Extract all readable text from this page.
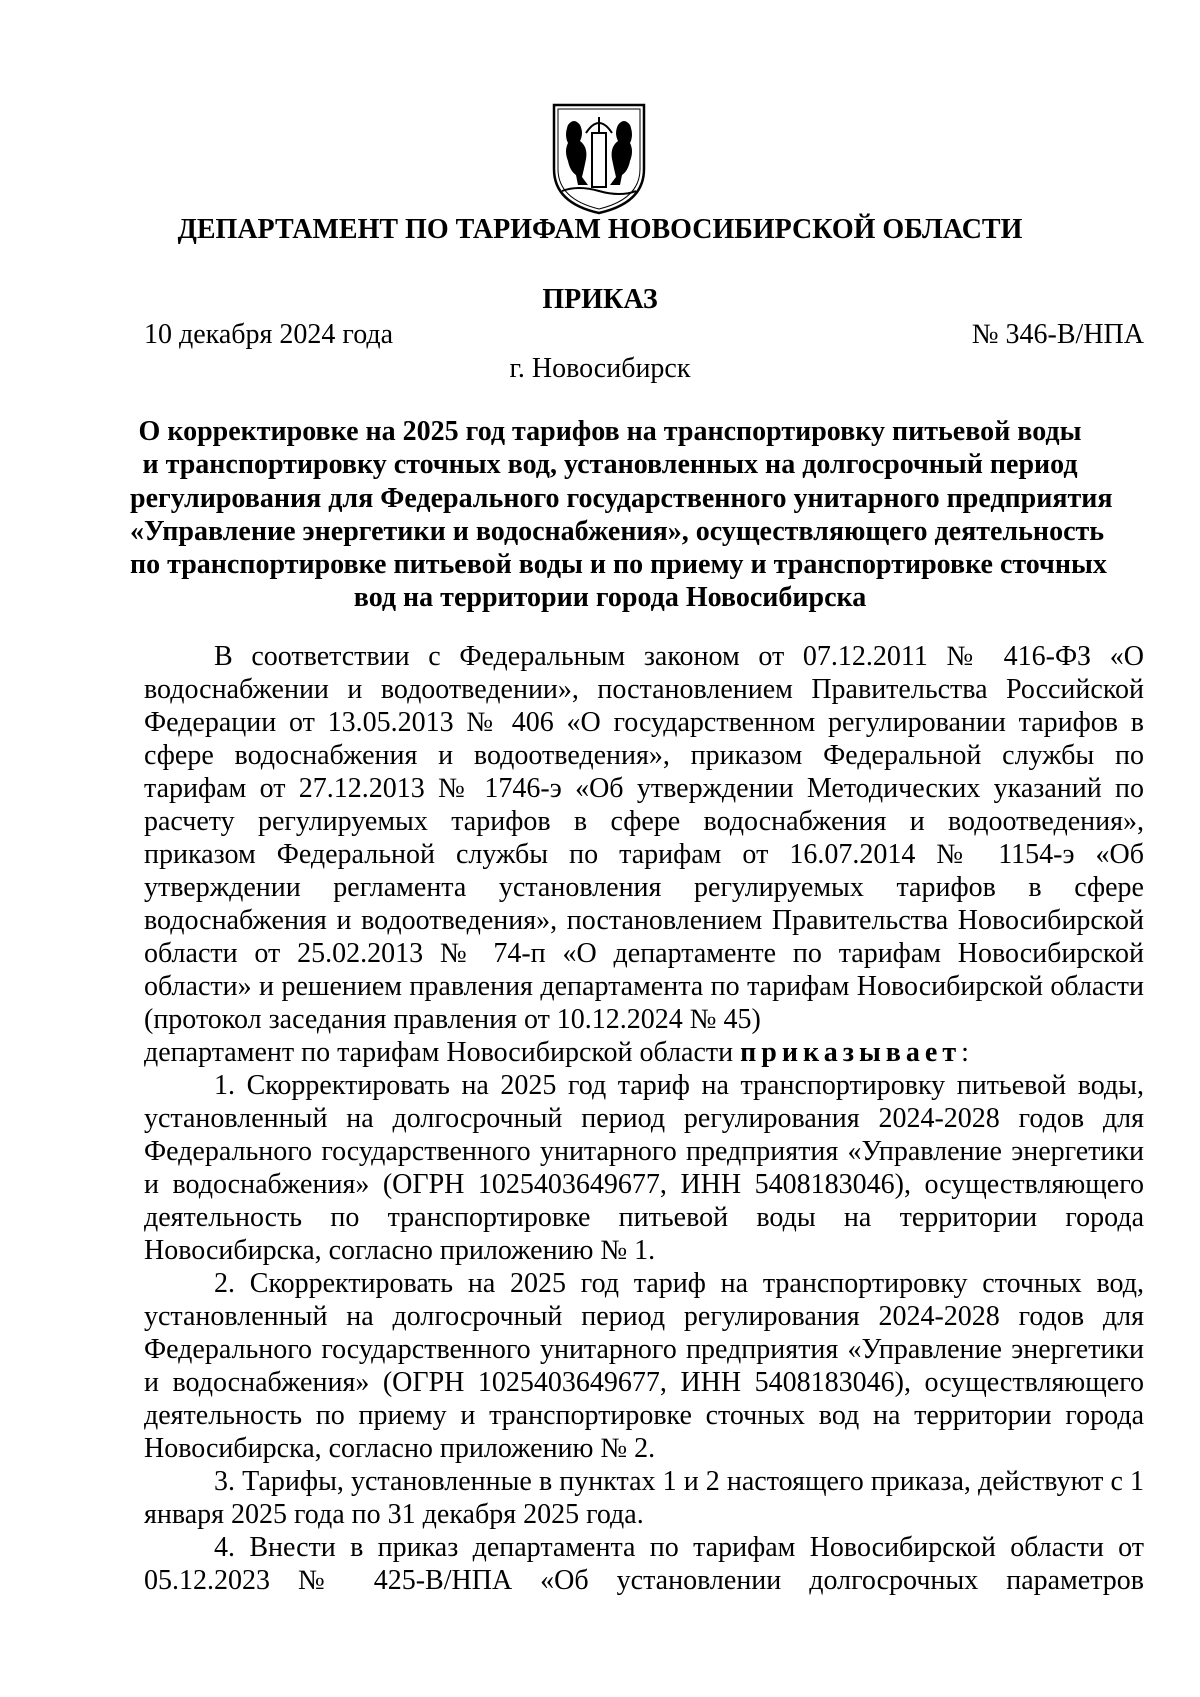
ДЕПАРТАМЕНТ ПО ТАРИФАМ НОВОСИБИРСКОЙ ОБЛАСТИ
ПРИКАЗ
10 декабря 2024 года	№ 346-В/НПА
г. Новосибирск
О корректировке на 2025 год тарифов на транспортировку питьевой воды
и транспортировку сточных вод, установленных на долгосрочный период
регулирования для Федерального государственного унитарного предприятия
«Управление энергетики и водоснабжения», осуществляющего деятельность
по транспортировке питьевой воды и по приему и транспортировке сточных
вод на территории города Новосибирска

В соответствии с Федеральным законом от 07.12.2011 № 416-ФЗ «О водоснабжении и водоотведении», постановлением Правительства Российской Федерации от 13.05.2013 № 406 «О государственном регулировании тарифов в сфере водоснабжения и водоотведения», приказом Федеральной службы по тарифам от 27.12.2013 № 1746-э «Об утверждении Методических указаний по расчету регулируемых тарифов в сфере водоснабжения и водоотведения», приказом Федеральной службы по тарифам от 16.07.2014 № 1154-э «Об утверждении регламента установления регулируемых тарифов в сфере водоснабжения и водоотведения», постановлением Правительства Новосибирской области от 25.02.2013 № 74-п «О департаменте по тарифам Новосибирской области» и решением правления департамента по тарифам Новосибирской области (протокол заседания правления от 10.12.2024 № 45)

департамент по тарифам Новосибирской области приказывает:

1. Скорректировать на 2025 год тариф на транспортировку питьевой воды, установленный на долгосрочный период регулирования 2024-2028 годов для Федерального государственного унитарного предприятия «Управление энергетики и водоснабжения» (ОГРН 1025403649677, ИНН 5408183046), осуществляющего деятельность по транспортировке питьевой воды на территории города Новосибирска, согласно приложению № 1.

2. Скорректировать на 2025 год тариф на транспортировку сточных вод, установленный на долгосрочный период регулирования 2024-2028 годов для Федерального государственного унитарного предприятия «Управление энергетики и водоснабжения» (ОГРН 1025403649677, ИНН 5408183046), осуществляющего деятельность по приему и транспортировке сточных вод на территории города Новосибирска, согласно приложению № 2.

3. Тарифы, установленные в пунктах 1 и 2 настоящего приказа, действуют с 1 января 2025 года по 31 декабря 2025 года.

4. Внести в приказ департамента по тарифам Новосибирской области от 05.12.2023 № 425-В/НПА «Об установлении долгосрочных параметров
